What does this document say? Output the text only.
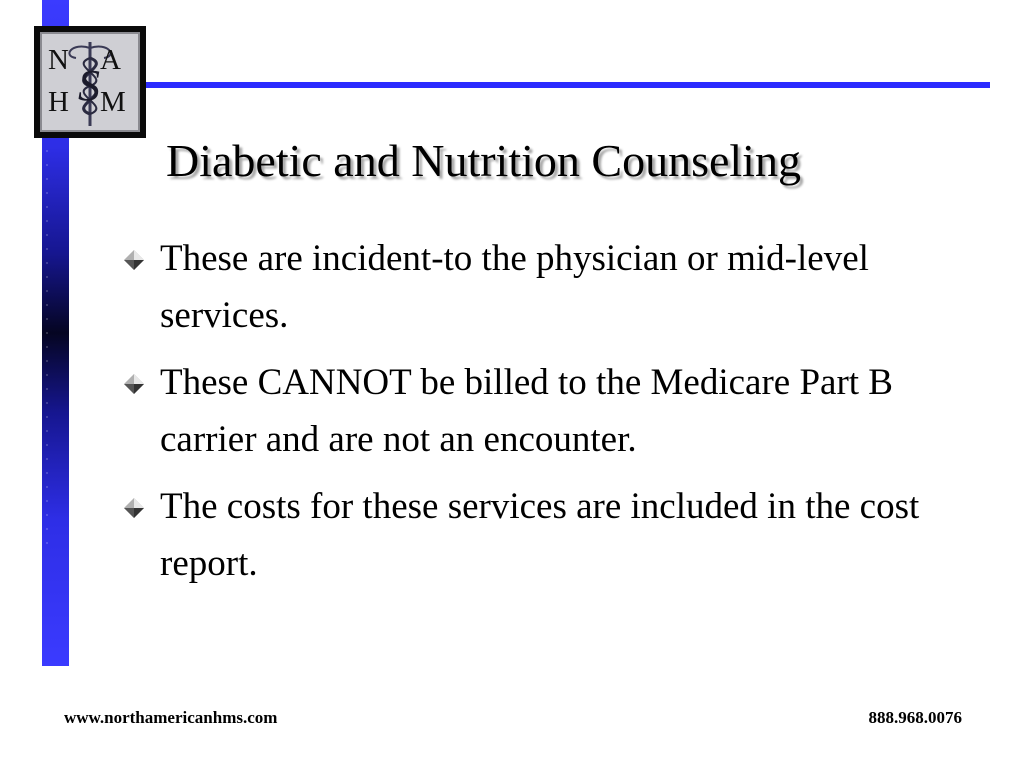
N A
H M
S
Diabetic and Nutrition Counseling
These are incident-to the physician or mid-level services.
These CANNOT be billed to the Medicare Part B carrier and are not an encounter.
The costs for these services are included in the cost report.
www.northamericanhms.com	888.968.0076
